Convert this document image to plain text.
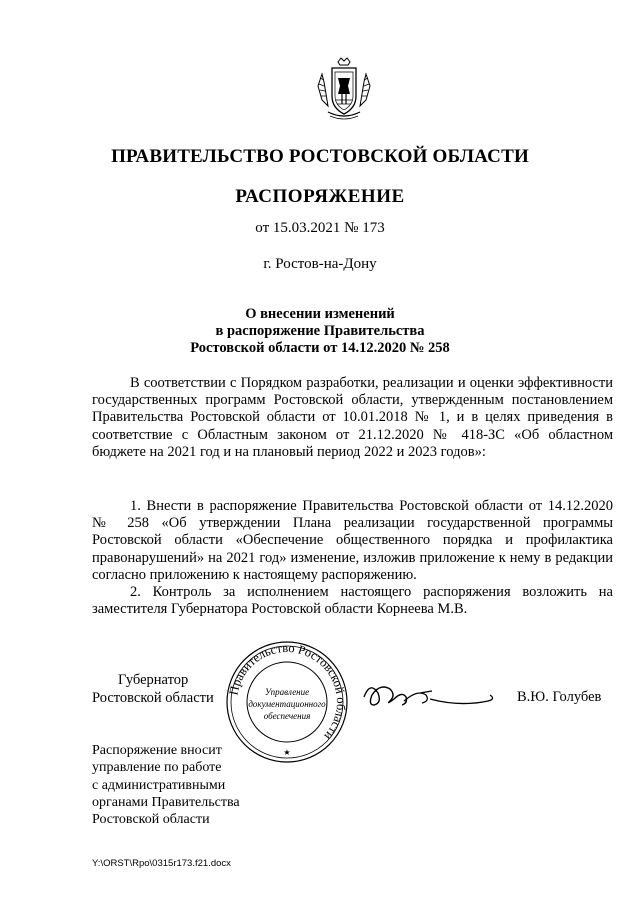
ПРАВИТЕЛЬСТВО РОСТОВСКОЙ ОБЛАСТИ
РАСПОРЯЖЕНИЕ
от 15.03.2021 № 173
г. Ростов-на-Дону
О внесении изменений
в распоряжение Правительства
Ростовской области от 14.12.2020 № 258

В соответствии с Порядком разработки, реализации и оценки эффективности государственных программ Ростовской области, утвержденным постановлением Правительства Ростовской области от 10.01.2018 № 1, и в целях приведения в соответствие с Областным законом от 21.12.2020 № 418-ЗС «Об областном бюджете на 2021 год и на плановый период 2022 и 2023 годов»:

1. Внести в распоряжение Правительства Ростовской области от 14.12.2020 № 258 «Об утверждении Плана реализации государственной программы Ростовской области «Обеспечение общественного порядка и профилактика правонарушений» на 2021 год» изменение, изложив приложение к нему в редакции согласно приложению к настоящему распоряжению.

2. Контроль за исполнением настоящего распоряжения возложить на заместителя Губернатора Ростовской области Корнеева М.В.

Губернатор
Ростовской области Правительство Ростовской области
Управление
документационного
обеспечения
★
В.Ю. Голубев
Распоряжение вносит
управление по работе
с административными
органами Правительства
Ростовской области
Y:\ORST\Rpo\0315r173.f21.docx
